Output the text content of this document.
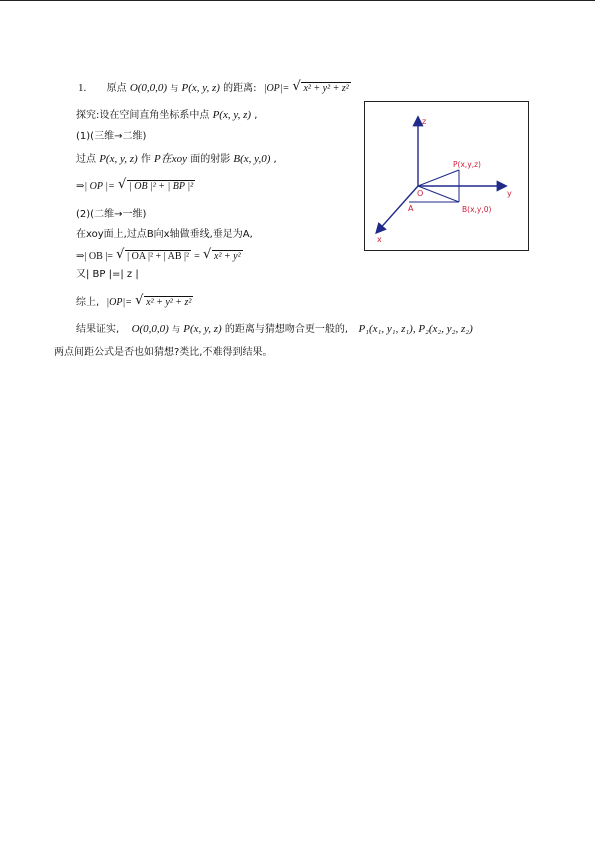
1. 原点 O(0,0,0) 与 P(x, y, z) 的距离: |OP|= √ x² + y² + z²
探究:设在空间直角坐标系中点 P(x, y, z) ,
(1)(三维→二维)
过点 P(x, y, z) 作 P在xoy 面的射影 B(x, y,0) ,
⇒| OP |= √ | OB |² + | BP |²
(2)(二维→一维)
在xoy面上,过点B向x轴做垂线,垂足为A,
⇒| OB |= √ | OA |² + | AB |² = √ x² + y²
又| BP |=| z |
综上, |OP|= √ x² + y² + z²
结果证实, O(0,0,0) 与 P(x, y, z) 的距离与猜想吻合更一般的, P₁(x₁, y₁, z₁), P₂(x₂, y₂, z₂)
两点间距公式是否也如猜想?类比,不难得到结果。
z
y
x
O
A
P(x,y,z)
B(x,y,0)
